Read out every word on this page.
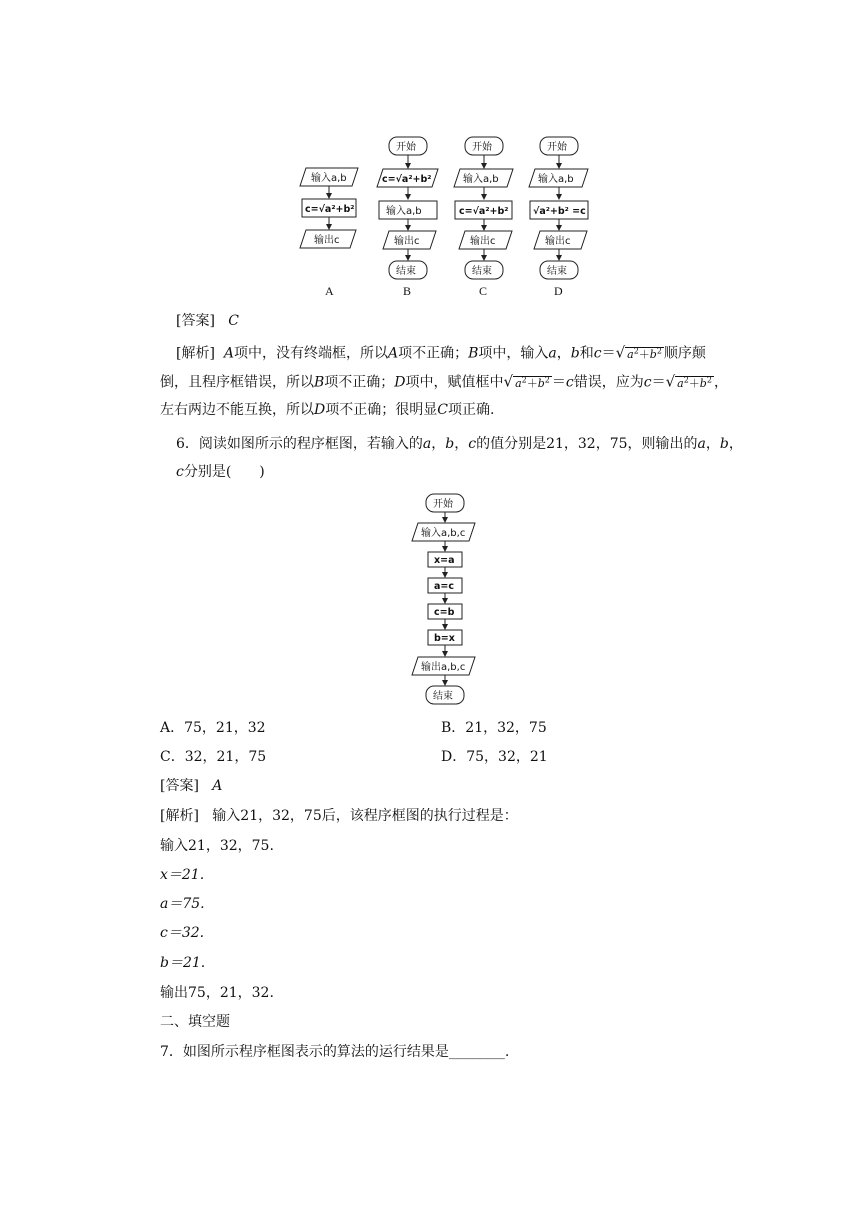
输入a,b
c=√a²+b²
输出c
A
开始
c=√a²+b²
输入a,b
输出c
结束
B
开始
输入a,b
c=√a²+b²
输出c
结束
C
开始
输入a,b
√a²+b² =c
输出c
结束
D
[答案] C
[解析] A项中，没有终端框，所以A项不正确；B项中，输入a，b和c＝√ $a^2+b^2$ 顺序颠
倒，且程序框错误，所以B项不正确；D项中，赋值框中√ $a^2+b^2 =c$错误，应为c＝√ $a^2+b^2$ ，
左右两边不能互换，所以D项不正确；很明显C项正确.
6．阅读如图所示的程序框图，若输入的a，b，c的值分别是21，32，75，则输出的a，b，
c分别是(　　)
开始
输入a,b,c
x=a
a=c
c=b
b=x
输出a,b,c
结束
A．75，21，32	B．21，32，75
C．32，21，75	D．75，32，21
[答案] A
[解析] 输入21，32，75后，该程序框图的执行过程是：
输入21，32，75.
x＝21.
a＝75.
c＝32.
b＝21.
输出75，21，32.
二、填空题
7．如图所示程序框图表示的算法的运行结果是________.
